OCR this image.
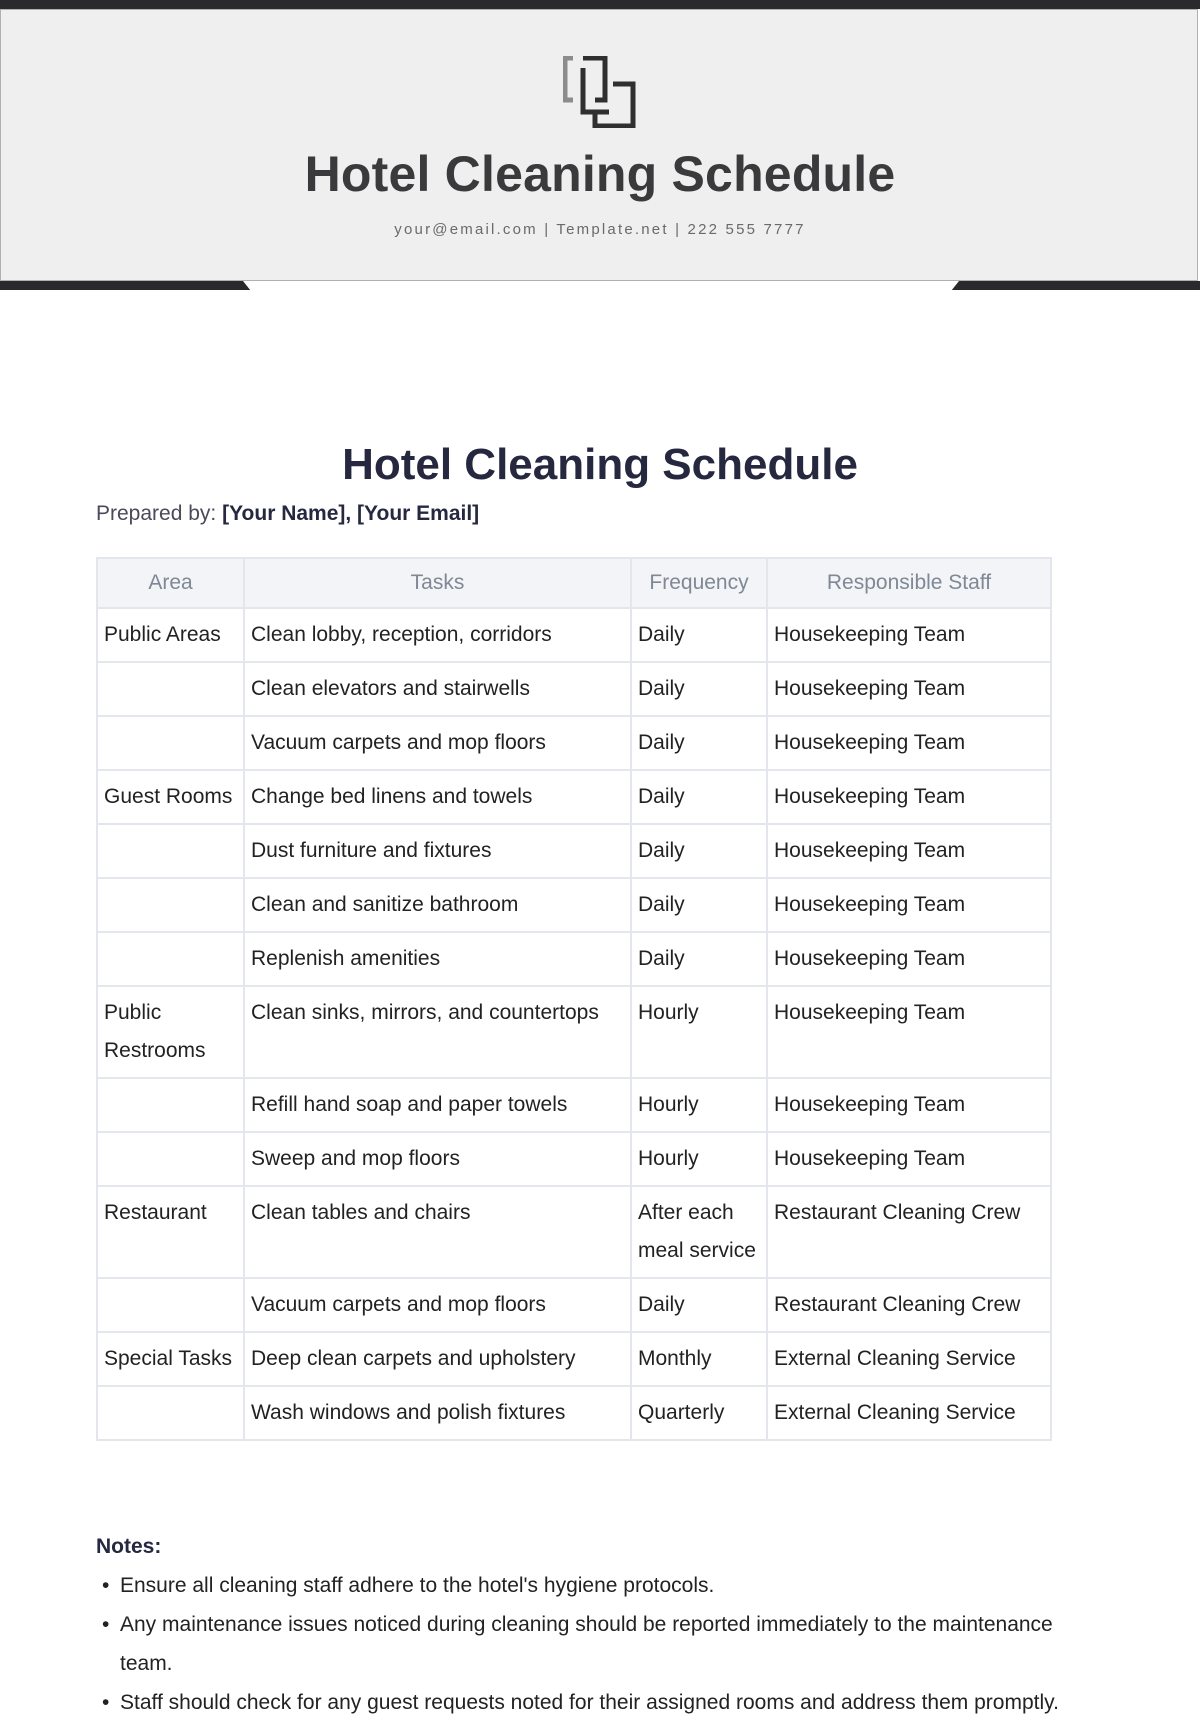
Hotel Cleaning Schedule
your@email.com | Template.net | 222 555 7777
Hotel Cleaning Schedule
Prepared by: [Your Name], [Your Email]
Area	Tasks	Frequency	Responsible Staff
Public Areas	Clean lobby, reception, corridors	Daily	Housekeeping Team
	Clean elevators and stairwells	Daily	Housekeeping Team
	Vacuum carpets and mop floors	Daily	Housekeeping Team
Guest Rooms	Change bed linens and towels	Daily	Housekeeping Team
	Dust furniture and fixtures	Daily	Housekeeping Team
	Clean and sanitize bathroom	Daily	Housekeeping Team
	Replenish amenities	Daily	Housekeeping Team
Public Restrooms	Clean sinks, mirrors, and countertops	Hourly	Housekeeping Team
	Refill hand soap and paper towels	Hourly	Housekeeping Team
	Sweep and mop floors	Hourly	Housekeeping Team
Restaurant	Clean tables and chairs	After each meal service	Restaurant Cleaning Crew
	Vacuum carpets and mop floors	Daily	Restaurant Cleaning Crew
Special Tasks	Deep clean carpets and upholstery	Monthly	External Cleaning Service
	Wash windows and polish fixtures	Quarterly	External Cleaning Service
Notes:
• Ensure all cleaning staff adhere to the hotel's hygiene protocols.
• Any maintenance issues noticed during cleaning should be reported immediately to the maintenance team.
• Staff should check for any guest requests noted for their assigned rooms and address them promptly.
